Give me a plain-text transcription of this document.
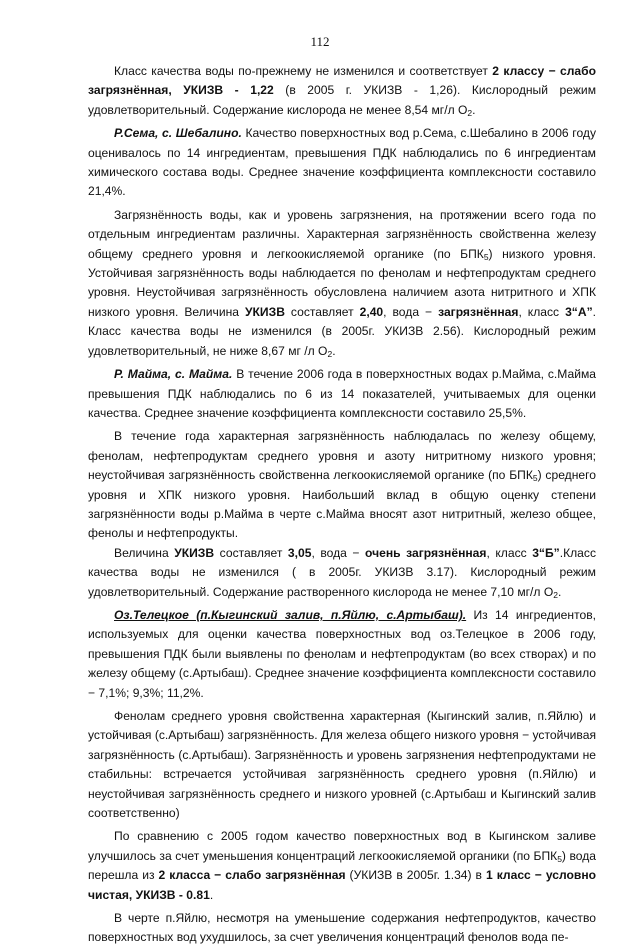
112

Класс качества воды по-прежнему не изменился и соответствует 2 классу − слабо загрязнённая, УКИЗВ - 1,22 (в 2005 г. УКИЗВ - 1,26). Кислородный режим удовлетворительный. Содержание кислорода не менее 8,54 мг/л $О_2$.

Р.Сема, с. Шебалино. Качество поверхностных вод р.Сема, с.Шебалино в 2006 году оценивалось по 14 ингредиентам, превышения ПДК наблюдались по 6 ингредиентам химического состава воды. Среднее значение коэффициента комплексности составило 21,4%.

Загрязнённость воды, как и уровень загрязнения, на протяжении всего года по отдельным ингредиентам различны. Характерная загрязнённость свойственна железу общему среднего уровня и легкоокисляемой органике (по $БПК_5$) низкого уровня. Устойчивая загрязнённость воды наблюдается по фенолам и нефтепродуктам среднего уровня. Неустойчивая загрязнённость обусловлена наличием азота нитритного и ХПК низкого уровня. Величина УКИЗВ составляет 2,40, вода − загрязнённая, класс 3“А”. Класс качества воды не изменился (в 2005г. УКИЗВ 2.56). Кислородный режим удовлетворительный, не ниже 8,67 мг /л $О_2$.

Р. Майма, с. Майма. В течение 2006 года в поверхностных водах р.Майма, с.Майма превышения ПДК наблюдались по 6 из 14 показателей, учитываемых для оценки качества. Среднее значение коэффициента комплексности составило 25,5%.

В течение года характерная загрязнённость наблюдалась по железу общему, фенолам, нефтепродуктам среднего уровня и азоту нитритному низкого уровня; неустойчивая загрязнённость свойственна легкоокисляемой органике (по $БПК_5$) среднего уровня и ХПК низкого уровня. Наибольший вклад в общую оценку степени загрязнённости воды р.Майма в черте с.Майма вносят азот нитритный, железо общее, фенолы и нефтепродукты.

Величина УКИЗВ составляет 3,05, вода − очень загрязнённая, класс 3“Б”.Класс качества воды не изменился ( в 2005г. УКИЗВ 3.17). Кислородный режим удовлетворительный. Содержание растворенного кислорода не менее 7,10 мг/л $О_2$.

Оз.Телецкое (п.Кыгинский залив, п.Яйлю, с.Артыбаш). Из 14 ингредиентов, используемых для оценки качества поверхностных вод оз.Телецкое в 2006 году, превышения ПДК были выявлены по фенолам и нефтепродуктам (во всех створах) и по железу общему (с.Артыбаш). Среднее значение коэффициента комплексности составило − 7,1%; 9,3%; 11,2%.

Фенолам среднего уровня свойственна характерная (Кыгинский залив, п.Яйлю) и устойчивая (с.Артыбаш) загрязнённость. Для железа общего низкого уровня − устойчивая загрязнённость (с.Артыбаш). Загрязнённость и уровень загрязнения нефтепродуктами не стабильны: встречается устойчивая загрязнённость среднего уровня (п.Яйлю) и неустойчивая загрязнённость среднего и низкого уровней (с.Артыбаш и Кыгинский залив соответственно)

По сравнению с 2005 годом качество поверхностных вод в Кыгинском заливе улучшилось за счет уменьшения концентраций легкоокисляемой органики (по $БПК_5$) вода перешла из 2 класса − слабо загрязнённая (УКИЗВ в 2005г. 1.34) в 1 класс − условно чистая, УКИЗВ - 0.81.

В черте п.Яйлю, несмотря на уменьшение содержания нефтепродуктов, качество поверхностных вод ухудшилось, за счет увеличения концентраций фенолов вода пе-
